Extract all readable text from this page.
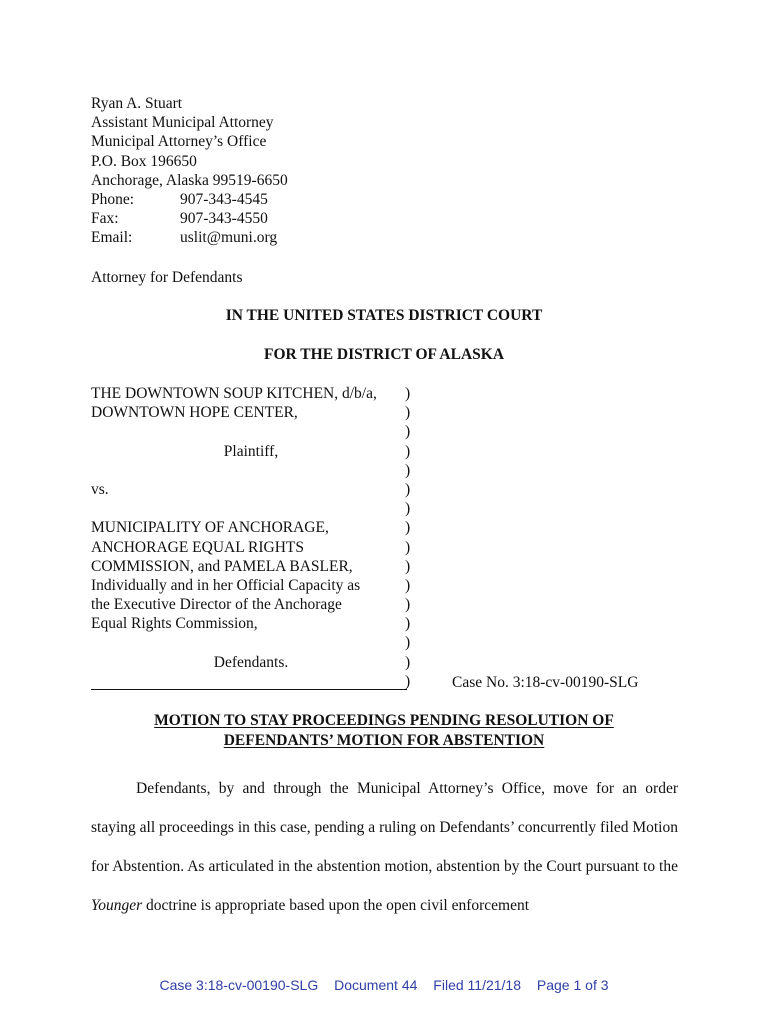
Ryan A. Stuart
Assistant Municipal Attorney
Municipal Attorney’s Office
P.O. Box 196650
Anchorage, Alaska 99519-6650
Phone:	907-343-4545
Fax:	907-343-4550
Email:	uslit@muni.org
Attorney for Defendants
IN THE UNITED STATES DISTRICT COURT
FOR THE DISTRICT OF ALASKA
THE DOWNTOWN SOUP KITCHEN, d/b/a,
DOWNTOWN HOPE CENTER,
Plaintiff,
vs.
MUNICIPALITY OF ANCHORAGE,
ANCHORAGE EQUAL RIGHTS
COMMISSION, and PAMELA BASLER,
Individually and in her Official Capacity as
the Executive Director of the Anchorage
Equal Rights Commission,
Defendants.
)
)
)
)
)
)
)
)
)
)
)
)
)
)
)
)	Case No. 3:18-cv-00190-SLG
MOTION TO STAY PROCEEDINGS PENDING RESOLUTION OF
DEFENDANTS’ MOTION FOR ABSTENTION
Defendants, by and through the Municipal Attorney’s Office, move for an order staying all proceedings in this case, pending a ruling on Defendants’ concurrently filed Motion for Abstention. As articulated in the abstention motion, abstention by the Court pursuant to the Younger doctrine is appropriate based upon the open civil enforcement
Case 3:18-cv-00190-SLG Document 44 Filed 11/21/18 Page 1 of 3
